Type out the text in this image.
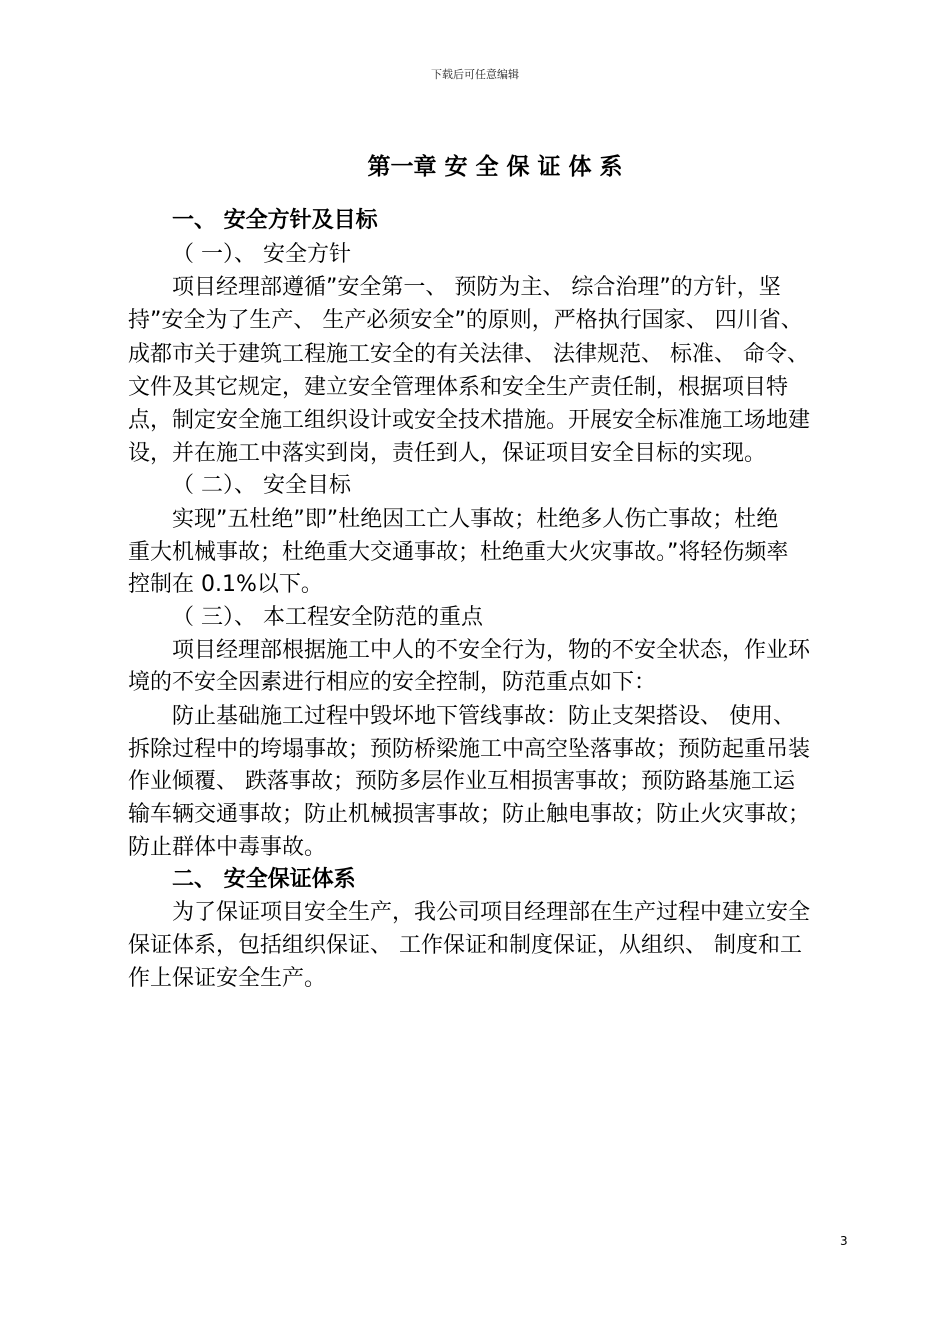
下载后可任意编辑
第一章 安 全 保 证 体 系
一、 安全方针及目标
（ 一）、 安全方针
项目经理部遵循”安全第一、 预防为主、 综合治理”的方针，坚
持”安全为了生产、 生产必须安全”的原则，严格执行国家、 四川省、
成都市关于建筑工程施工安全的有关法律、 法律规范、 标准、 命令、
文件及其它规定，建立安全管理体系和安全生产责任制，根据项目特
点，制定安全施工组织设计或安全技术措施。开展安全标准施工场地建
设，并在施工中落实到岗，责任到人，保证项目安全目标的实现。
（ 二）、 安全目标
实现”五杜绝”即”杜绝因工亡人事故；杜绝多人伤亡事故；杜绝
重大机械事故；杜绝重大交通事故；杜绝重大火灾事故。”将轻伤频率
控制在 0.1%以下。
（ 三）、 本工程安全防范的重点
项目经理部根据施工中人的不安全行为，物的不安全状态，作业环
境的不安全因素进行相应的安全控制，防范重点如下：
防止基础施工过程中毁坏地下管线事故：防止支架搭设、 使用、
拆除过程中的垮塌事故；预防桥梁施工中高空坠落事故；预防起重吊装
作业倾覆、 跌落事故；预防多层作业互相损害事故；预防路基施工运
输车辆交通事故；防止机械损害事故；防止触电事故；防止火灾事故；
防止群体中毒事故。
二、 安全保证体系
为了保证项目安全生产，我公司项目经理部在生产过程中建立安全
保证体系，包括组织保证、 工作保证和制度保证，从组织、 制度和工
作上保证安全生产。
3
